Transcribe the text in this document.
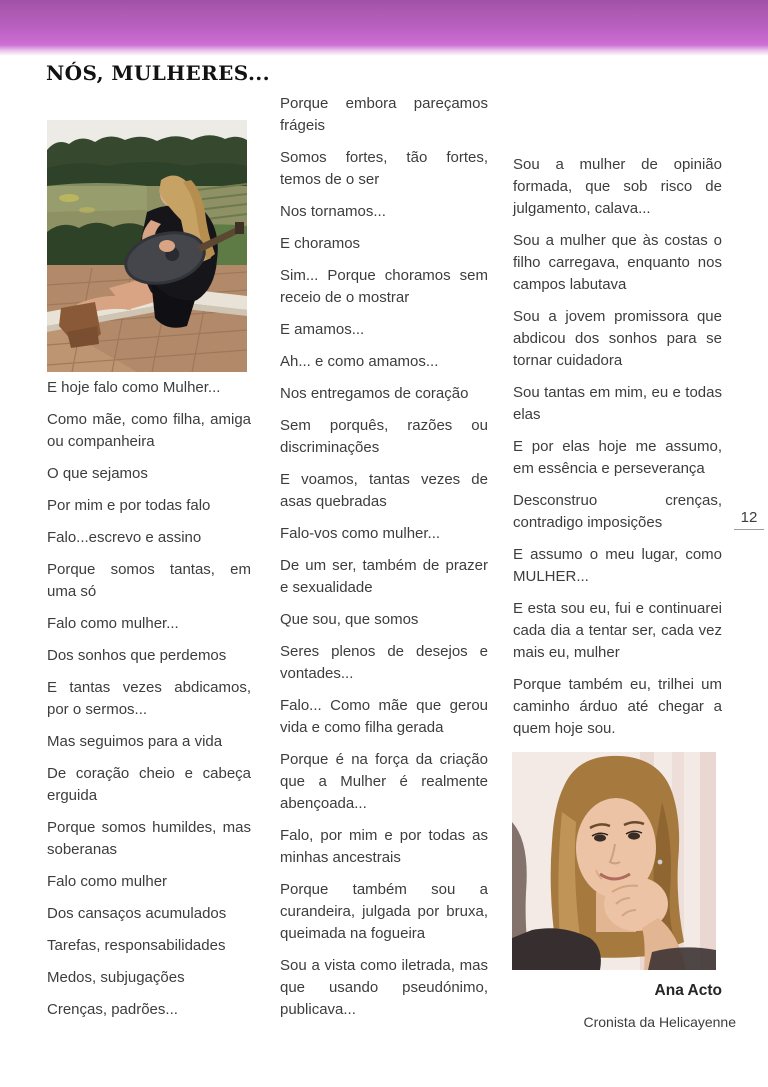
NÓS, MULHERES...

E hoje falo como Mulher...

Como mãe, como filha, amiga ou companheira

O que sejamos

Por mim e por todas falo

Falo...escrevo e assino

Porque somos tantas, em uma só

Falo como mulher...

Dos sonhos que perdemos

E tantas vezes abdicamos, por o sermos...

Mas seguimos para a vida

De coração cheio e cabeça erguida

Porque somos humildes, mas soberanas

Falo como mulher

Dos cansaços acumulados

Tarefas, responsabilidades

Medos, subjugações

Crenças, padrões...

Porque embora pareçamos frágeis

Somos fortes, tão fortes, temos de o ser

Nos tornamos...

E choramos

Sim... Porque choramos sem receio de o mostrar

E amamos...

Ah... e como amamos...

Nos entregamos de coração

Sem porquês, razões ou discriminações

E voamos, tantas vezes de asas quebradas

Falo-vos como mulher...

De um ser, também de prazer e sexualidade

Que sou, que somos

Seres plenos de desejos e vontades...

Falo... Como mãe que gerou vida e como filha gerada

Porque é na força da criação que a Mulher é realmente abençoada...

Falo, por mim e por todas as minhas ancestrais

Porque também sou a curandeira, julgada por bruxa, queimada na fogueira

Sou a vista como iletrada, mas que usando pseudónimo, publicava...

Sou a mulher de opinião formada, que sob risco de julgamento, calava...

Sou a mulher que às costas o filho carregava, enquanto nos campos labutava

Sou a jovem promissora que abdicou dos sonhos para se tornar cuidadora

Sou tantas em mim, eu e todas elas

E por elas hoje me assumo, em essência e perseverança

Desconstruo crenças, contradigo imposições

E assumo o meu lugar, como MULHER...

E esta sou eu, fui e continuarei cada dia a tentar ser, cada vez mais eu, mulher

Porque também eu, trilhei um caminho árduo até chegar a quem hoje sou.

12
Ana Acto
Cronista da Helicayenne
